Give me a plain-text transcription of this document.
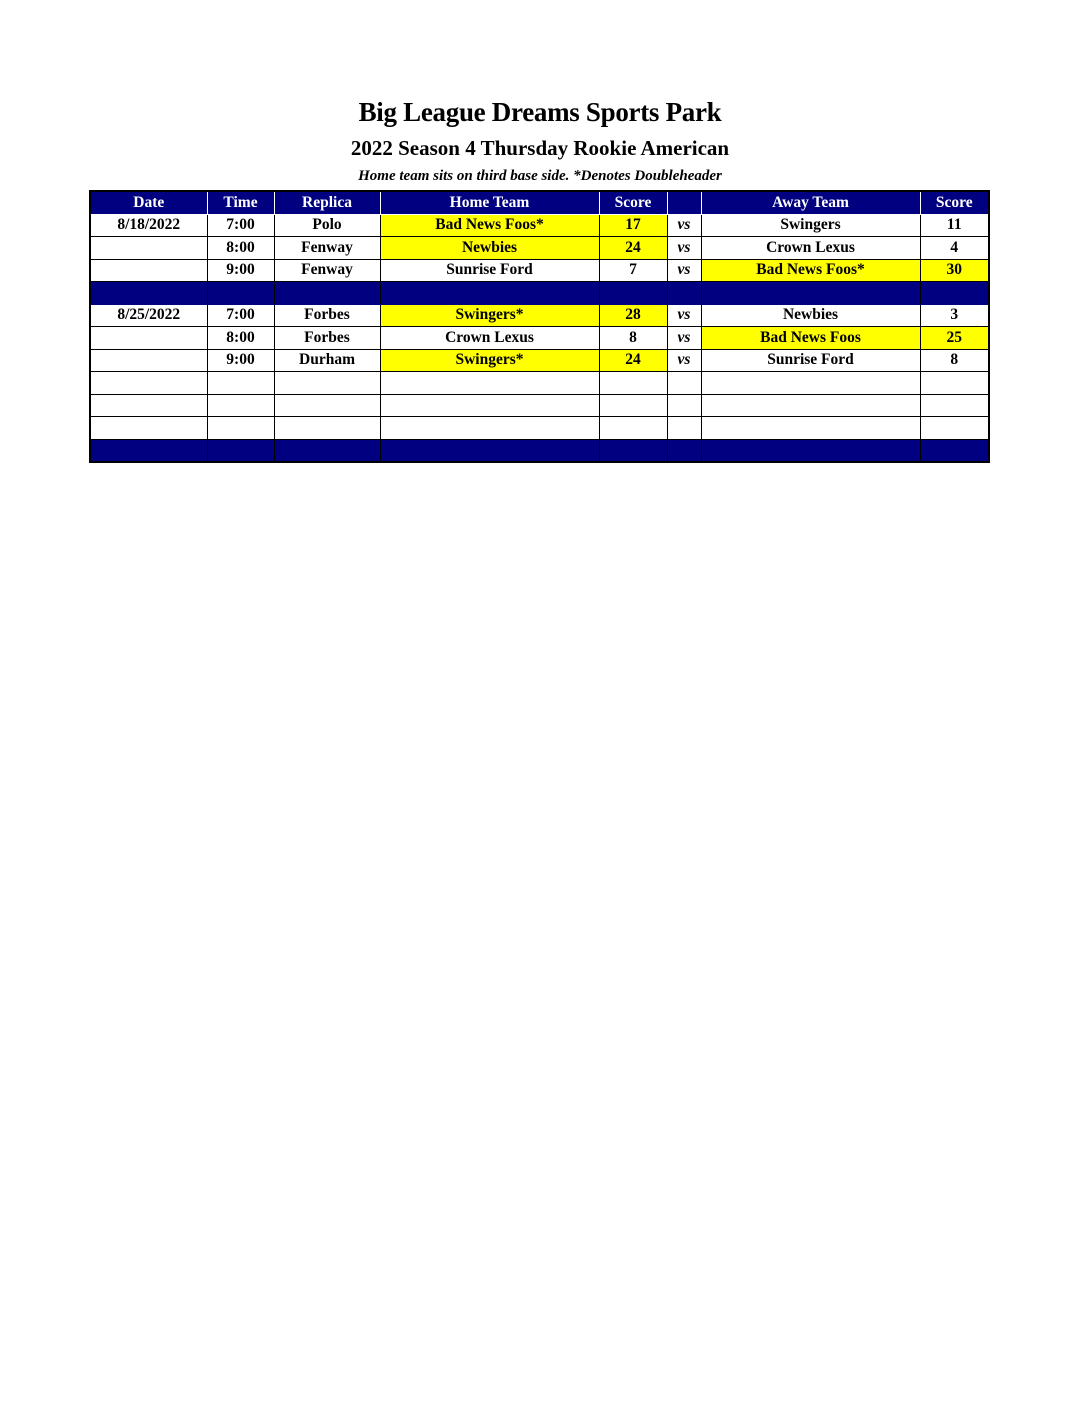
Big League Dreams Sports Park
2022 Season 4 Thursday Rookie American
Home team sits on third base side. *Denotes Doubleheader
Date	Time	Replica	Home Team	Score		Away Team	Score
8/18/2022	7:00	Polo	Bad News Foos*	17	vs	Swingers	11
	8:00	Fenway	Newbies	24	vs	Crown Lexus	4
	9:00	Fenway	Sunrise Ford	7	vs	Bad News Foos*	30

8/25/2022	7:00	Forbes	Swingers*	28	vs	Newbies	3
	8:00	Forbes	Crown Lexus	8	vs	Bad News Foos	25
	9:00	Durham	Swingers*	24	vs	Sunrise Ford	8
